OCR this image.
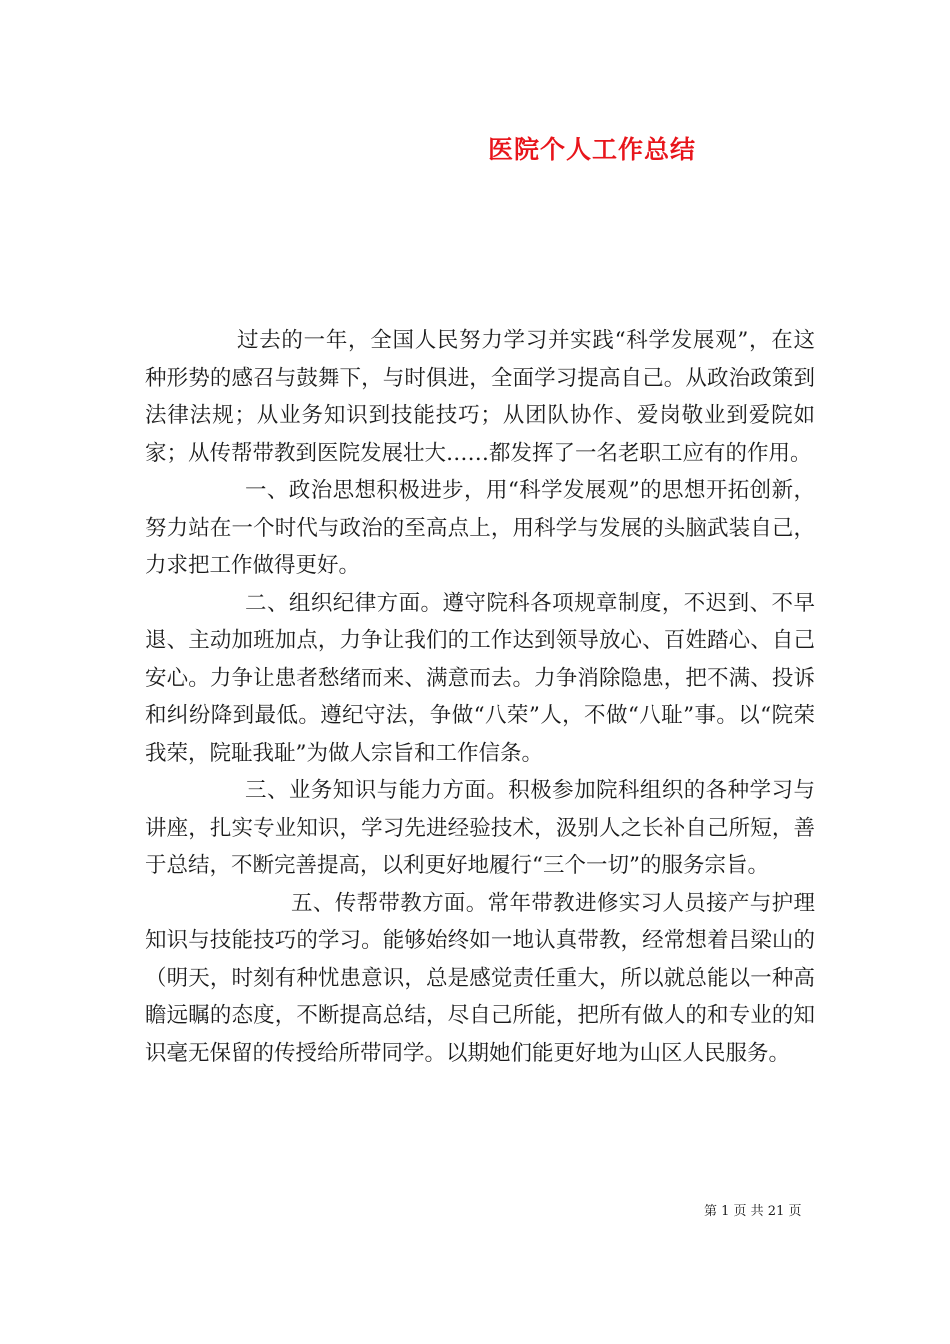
医院个人工作总结

过去的一年，全国人民努力学习并实践“科学发展观”，在这种形势的感召与鼓舞下，与时俱进，全面学习提高自己。从政治政策到法律法规；从业务知识到技能技巧；从团队协作、爱岗敬业到爱院如家；从传帮带教到医院发展壮大……都发挥了一名老职工应有的作用。

一、政治思想积极进步，用“科学发展观”的思想开拓创新，努力站在一个时代与政治的至高点上，用科学与发展的头脑武装自己，力求把工作做得更好。

二、组织纪律方面。遵守院科各项规章制度，不迟到、不早退、主动加班加点，力争让我们的工作达到领导放心、百姓踏心、自己安心。力争让患者愁绪而来、满意而去。力争消除隐患，把不满、投诉和纠纷降到最低。遵纪守法，争做“八荣”人，不做“八耻”事。以“院荣我荣，院耻我耻”为做人宗旨和工作信条。

三、业务知识与能力方面。积极参加院科组织的各种学习与讲座，扎实专业知识，学习先进经验技术，汲别人之长补自己所短，善于总结，不断完善提高，以利更好地履行“三个一切”的服务宗旨。

五、传帮带教方面。常年带教进修实习人员接产与护理知识与技能技巧的学习。能够始终如一地认真带教，经常想着吕梁山的（明天，时刻有种忧患意识，总是感觉责任重大，所以就总能以一种高瞻远瞩的态度，不断提高总结，尽自己所能，把所有做人的和专业的知识毫无保留的传授给所带同学。以期她们能更好地为山区人民服务。

第 1 页 共 21 页
